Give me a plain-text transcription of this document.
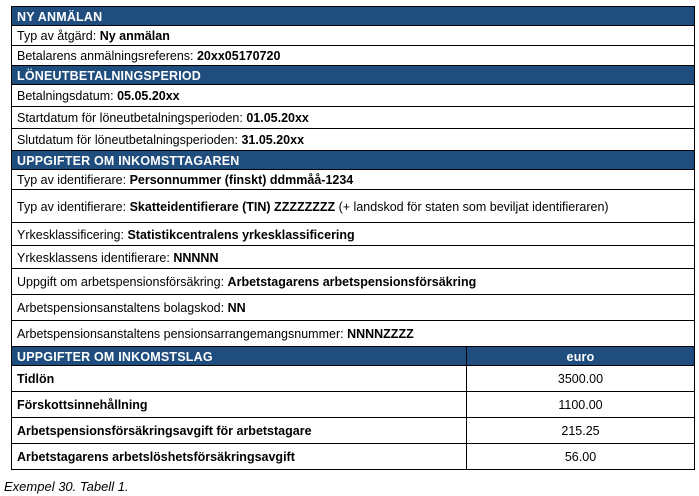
NY ANMÄLAN	
Typ av åtgärd: Ny anmälan	
Betalarens anmälningsreferens: 20xx05170720	
LÖNEUTBETALNINGSPERIOD	
Betalningsdatum: 05.05.20xx	
Startdatum för löneutbetalningsperioden: 01.05.20xx	
Slutdatum för löneutbetalningsperioden: 31.05.20xx	
UPPGIFTER OM INKOMSTTAGAREN	
Typ av identifierare: Personnummer (finskt) ddmmåå-1234	
Typ av identifierare: Skatteidentifierare (TIN) ZZZZZZZZ (+ landskod för staten som beviljat identifieraren)	
Yrkesklassificering: Statistikcentralens yrkesklassificering	
Yrkesklassens identifierare: NNNNN	
Uppgift om arbetspensionsförsäkring: Arbetstagarens arbetspensionsförsäkring	
Arbetspensionsanstaltens bolagskod: NN	
Arbetspensionsanstaltens pensionsarrangemangsnummer: NNNNZZZZ	
UPPGIFTER OM INKOMSTSLAG	euro
Tidlön	3500.00
Förskottsinnehållning	1100.00
Arbetspensionsförsäkringsavgift för arbetstagare	215.25
Arbetstagarens arbetslöshetsförsäkringsavgift	56.00
Exempel 30. Tabell 1.
